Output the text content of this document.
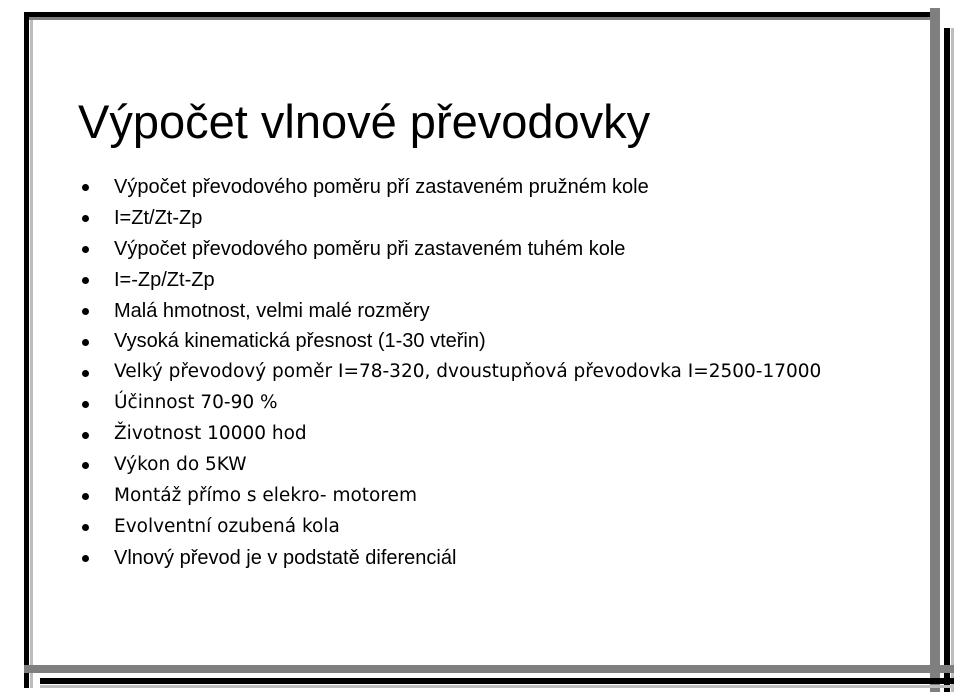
Výpočet vlnové převodovky
Výpočet převodového poměru pří zastaveném pružném kole
I=Zt/Zt-Zp
Výpočet převodového poměru při zastaveném tuhém kole
I=-Zp/Zt-Zp
Malá hmotnost, velmi malé rozměry
Vysoká kinematická přesnost (1-30 vteřin)
Velký převodový poměr I=78-320, dvoustupňová převodovka I=2500-17000
Účinnost 70-90 %
Životnost 10000 hod
Výkon do 5KW
Montáž přímo s elekro- motorem
Evolventní ozubená kola
Vlnový převod je v podstatě diferenciál
